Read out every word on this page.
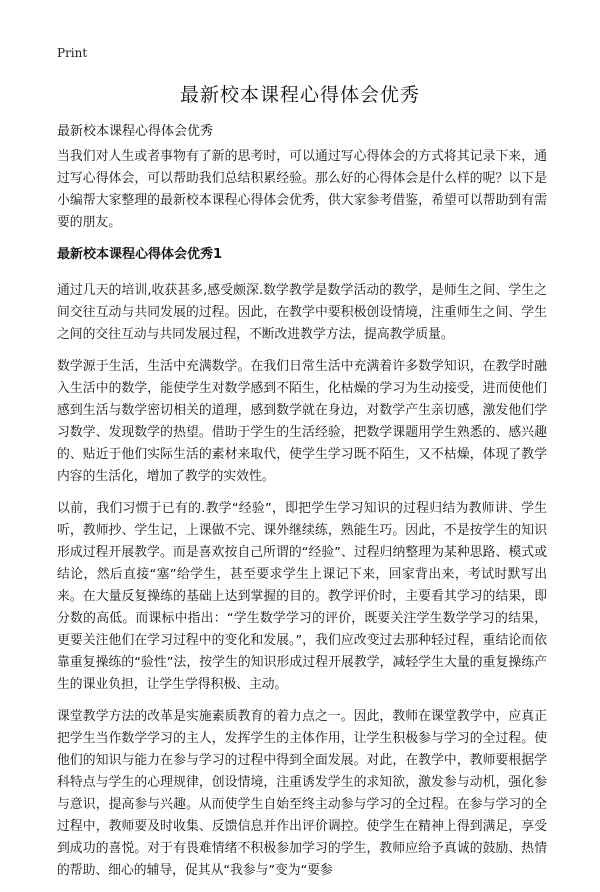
Print
最新校本课程心得体会优秀
最新校本课程心得体会优秀

当我们对人生或者事物有了新的思考时，可以通过写心得体会的方式将其记录下来，通过写心得体会，可以帮助我们总结积累经验。那么好的心得体会是什么样的呢？以下是小编帮大家整理的最新校本课程心得体会优秀，供大家参考借鉴，希望可以帮助到有需要的朋友。

最新校本课程心得体会优秀1

通过几天的培训,收获甚多,感受颇深.数学教学是数学活动的教学，是师生之间、学生之间交往互动与共同发展的过程。因此，在教学中要积极创设情境，注重师生之间、学生之间的交往互动与共同发展过程，不断改进教学方法，提高教学质量。

数学源于生活，生活中充满数学。在我们日常生活中充满着许多数学知识，在教学时融入生活中的数学，能使学生对数学感到不陌生，化枯燥的学习为生动接受，进而使他们感到生活与数学密切相关的道理，感到数学就在身边，对数学产生亲切感，激发他们学习数学、发现数学的热望。借助于学生的生活经验，把数学课题用学生熟悉的、感兴趣的、贴近于他们实际生活的素材来取代，使学生学习既不陌生，又不枯燥，体现了教学内容的生活化，增加了教学的实效性。

以前，我们习惯于已有的.教学“经验”，即把学生学习知识的过程归结为教师讲、学生听，教师抄、学生记，上课做不完、课外继续练，熟能生巧。因此，不是按学生的知识形成过程开展教学。而是喜欢按自己所谓的“经验”、过程归纳整理为某种思路、模式或结论，然后直接“塞”给学生，甚至要求学生上课记下来，回家背出来，考试时默写出来。在大量反复操练的基础上达到掌握的目的。教学评价时，主要看其学习的结果，即分数的高低。而课标中指出：“学生数学学习的评价，既要关注学生数学学习的结果，更要关注他们在学习过程中的变化和发展。”，我们应改变过去那种轻过程，重结论而依靠重复操练的“验性”法，按学生的知识形成过程开展教学，减轻学生大量的重复操练产生的课业负担，让学生学得积极、主动。

课堂教学方法的改革是实施素质教育的着力点之一。因此，教师在课堂教学中，应真正把学生当作数学学习的主人，发挥学生的主体作用，让学生积极参与学习的全过程。使他们的知识与能力在参与学习的过程中得到全面发展。对此，在教学中，教师要根据学科特点与学生的心理规律，创设情境，注重诱发学生的求知欲，激发参与动机，强化参与意识，提高参与兴趣。从而使学生自始至终主动参与学习的全过程。在参与学习的全过程中，教师要及时收集、反馈信息并作出评价调控。使学生在精神上得到满足，享受到成功的喜悦。对于有畏难情绪不积极参加学习的学生，教师应给予真诚的鼓励、热情的帮助、细心的辅导，促其从“我参与”变为“要参
